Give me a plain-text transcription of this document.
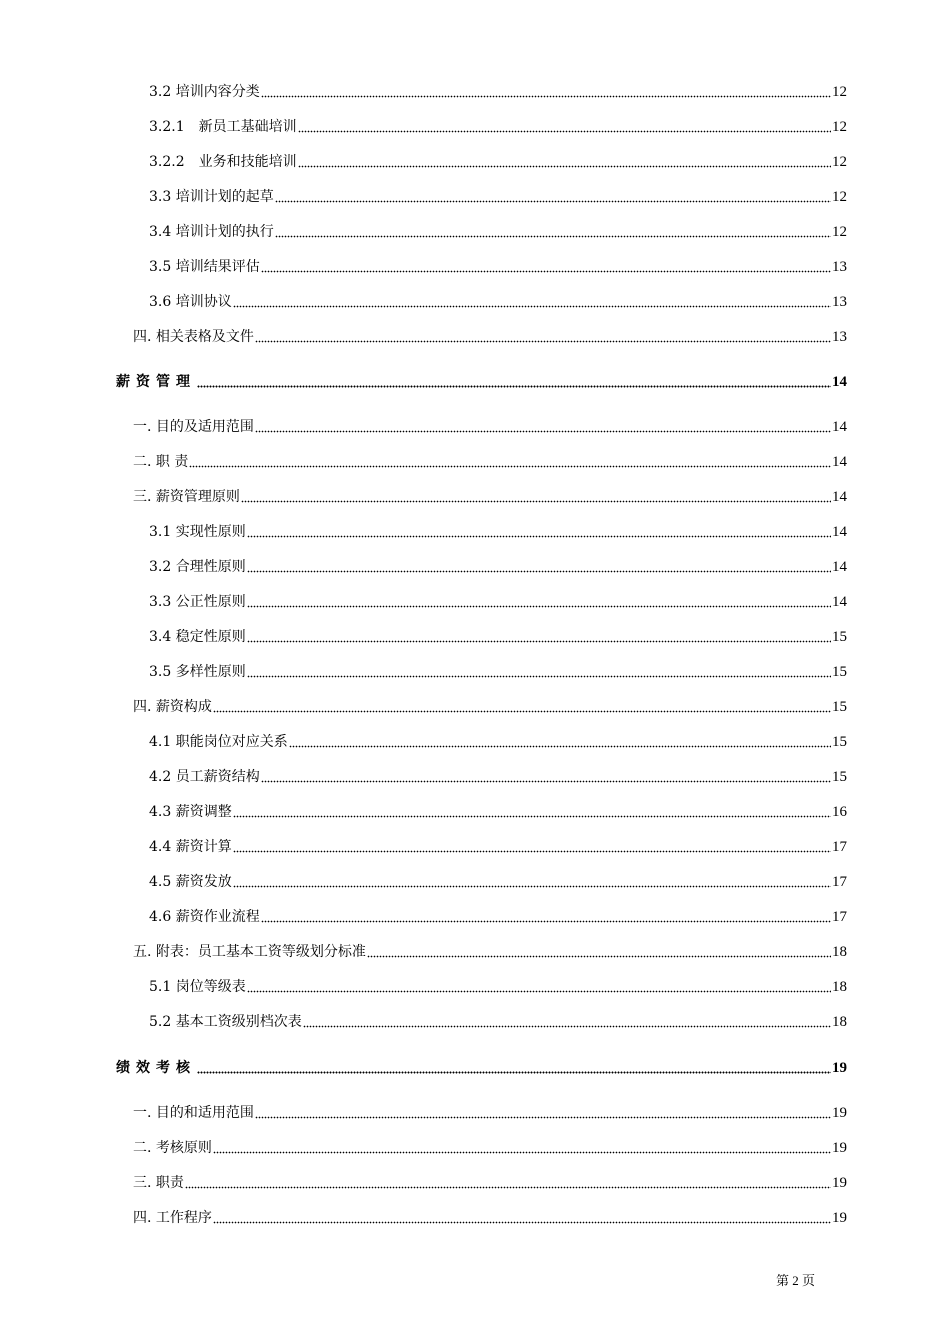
3.2 培训内容分类	12
3.2.1　新员工基础培训	12
3.2.2　业务和技能培训	12
3.3 培训计划的起草	12
3.4 培训计划的执行	12
3.5 培训结果评估	13
3.6 培训协议	13
四. 相关表格及文件	13
薪资管理	14
一. 目的及适用范围	14
二. 职 责	14
三. 薪资管理原则	14
3.1 实现性原则	14
3.2 合理性原则	14
3.3 公正性原则	14
3.4 稳定性原则	15
3.5 多样性原则	15
四. 薪资构成	15
4.1 职能岗位对应关系	15
4.2 员工薪资结构	15
4.3 薪资调整	16
4.4 薪资计算	17
4.5 薪资发放	17
4.6 薪资作业流程	17
五. 附表：员工基本工资等级划分标准	18
5.1 岗位等级表	18
5.2 基本工资级别档次表	18
绩效考核	19
一. 目的和适用范围	19
二. 考核原则	19
三. 职责	19
四. 工作程序	19
第 2 页
